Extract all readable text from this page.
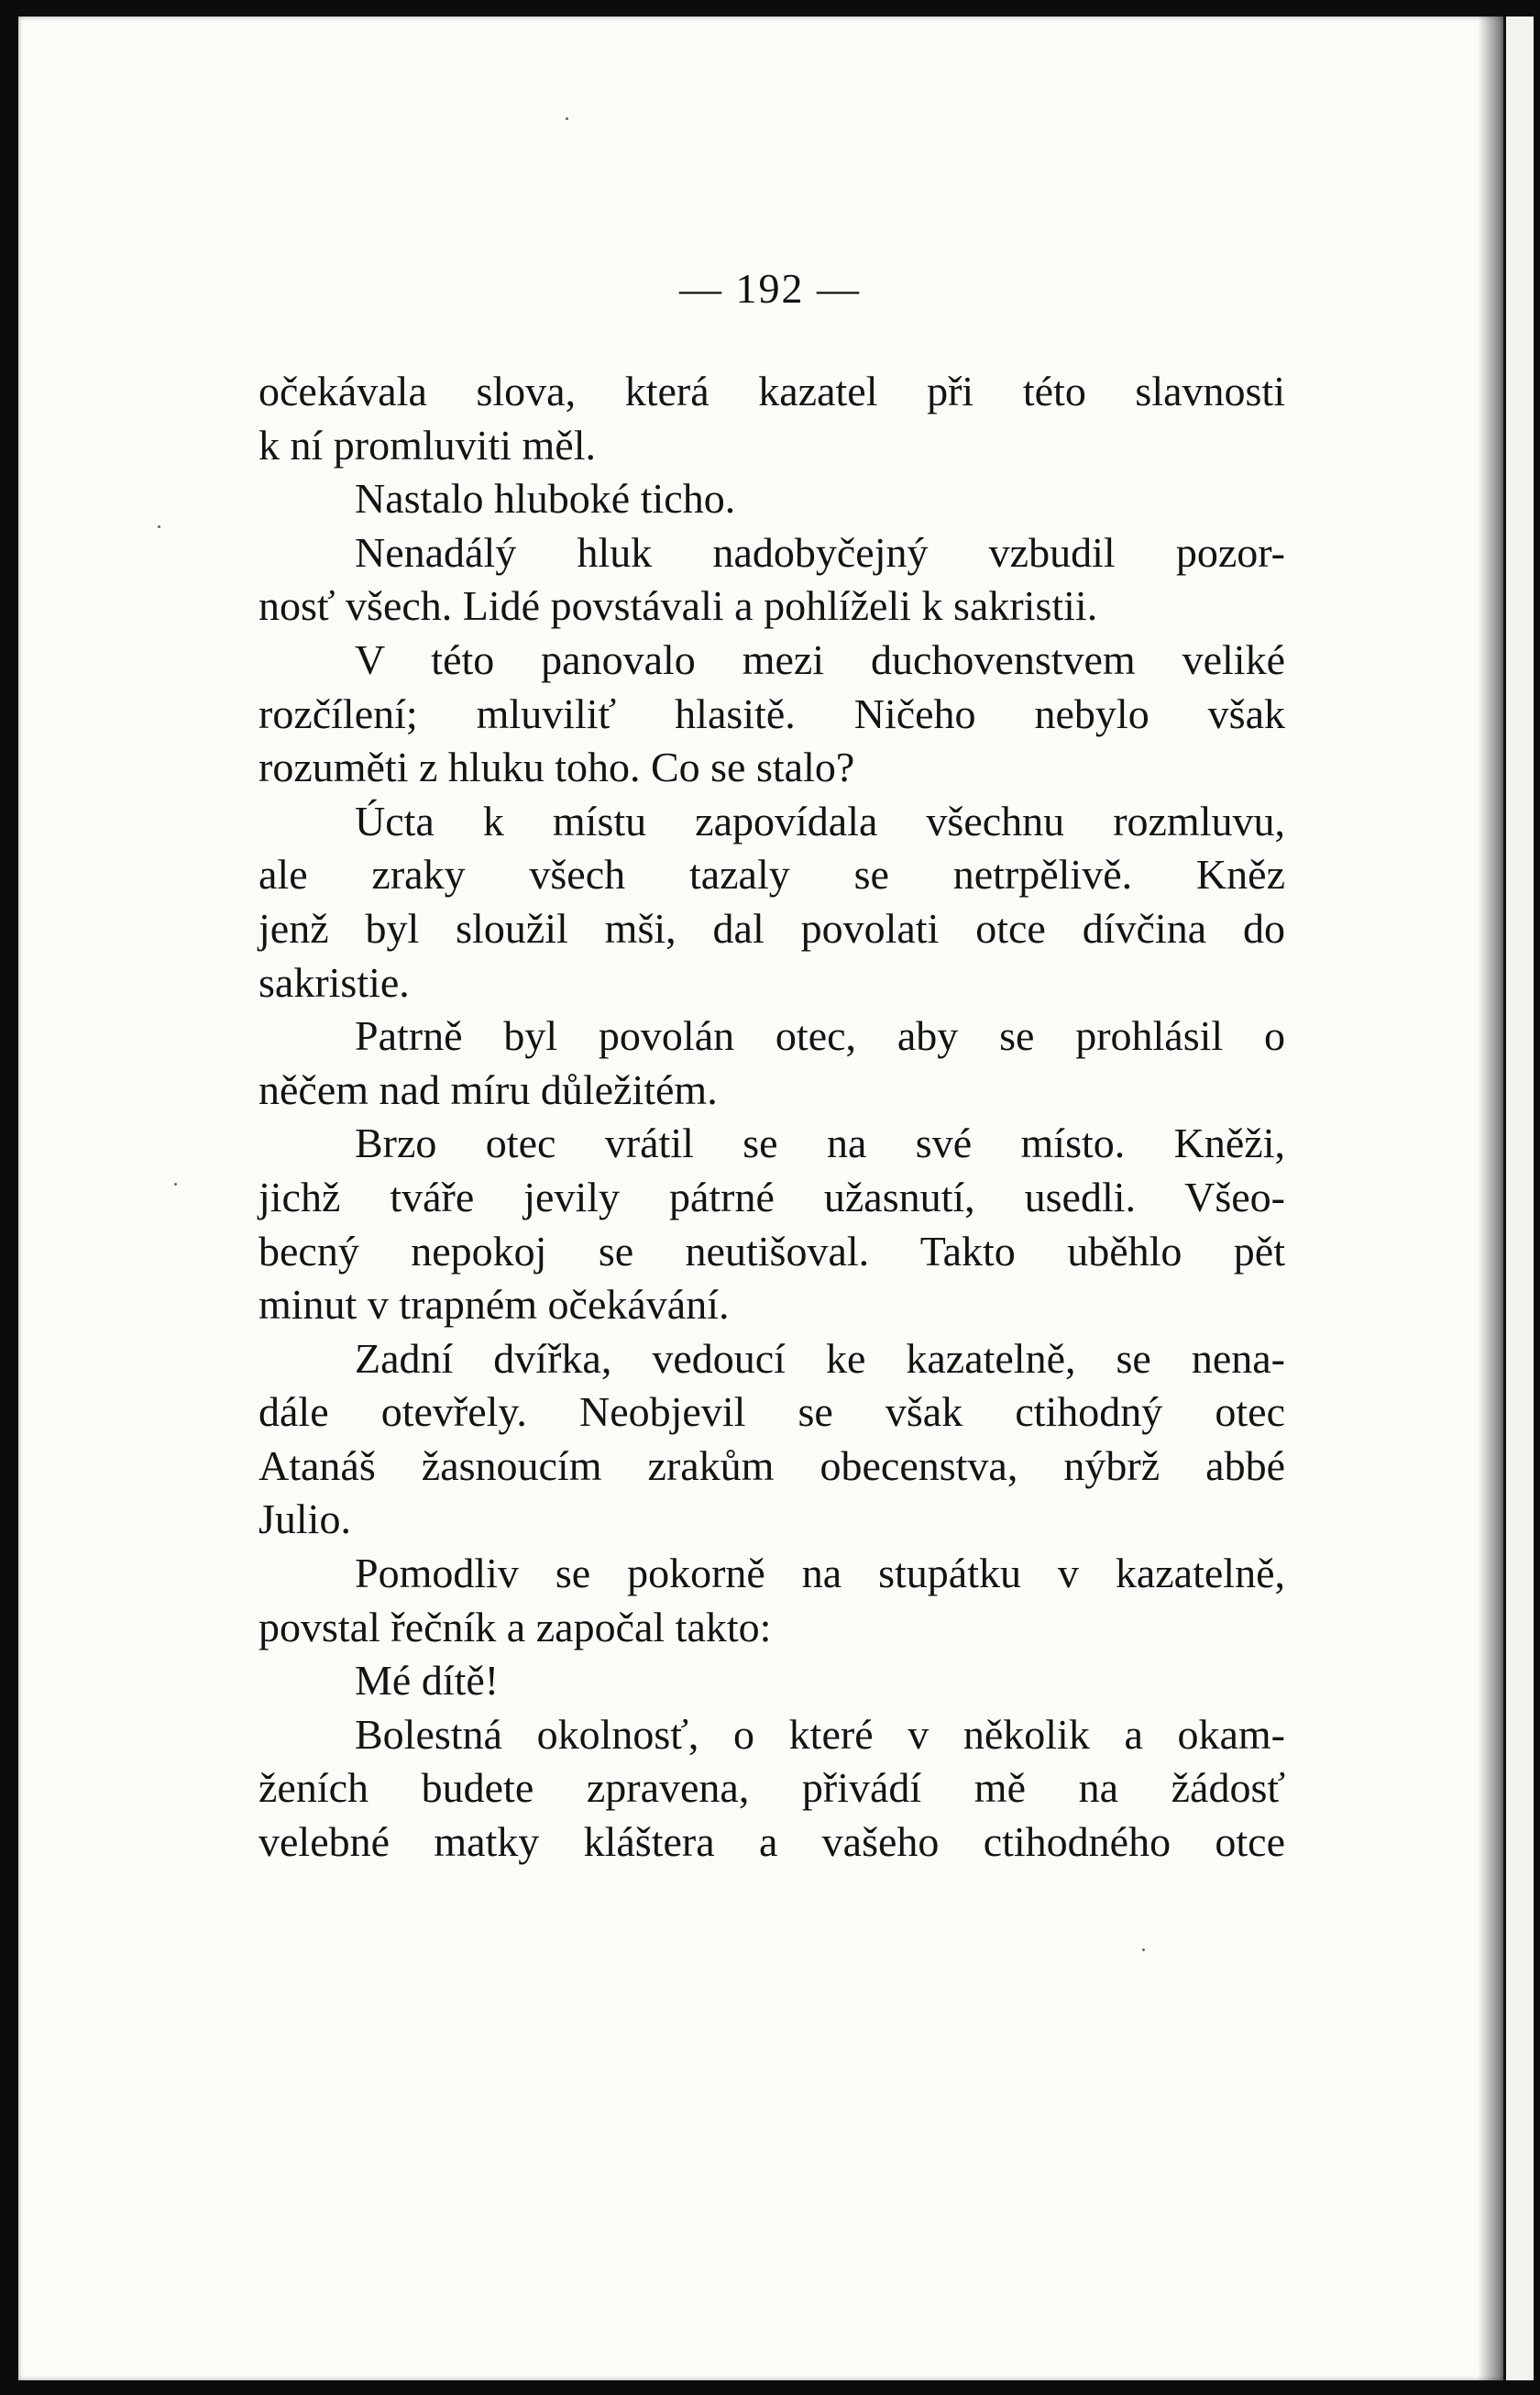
— 192 —

očekávala slova, která kazatel při této slavnosti
k ní promluviti měl.
Nastalo hluboké ticho.
Nenadálý hluk nadobyčejný vzbudil pozor-
nosť všech. Lidé povstávali a pohlíželi k sakristii.
V této panovalo mezi duchovenstvem veliké
rozčílení; mluviliť hlasitě. Ničeho nebylo však
rozuměti z hluku toho. Co se stalo?
Úcta k místu zapovídala všechnu rozmluvu,
ale zraky všech tazaly se netrpělivě. Kněz
jenž byl sloužil mši, dal povolati otce dívčina do
sakristie.
Patrně byl povolán otec, aby se prohlásil o
něčem nad míru důležitém.
Brzo otec vrátil se na své místo. Kněži,
jichž tváře jevily pátrné užasnutí, usedli. Všeo-
becný nepokoj se neutišoval. Takto uběhlo pět
minut v trapném očekávání.
Zadní dvířka, vedoucí ke kazatelně, se nena-
dále otevřely. Neobjevil se však ctihodný otec
Atanáš žasnoucím zrakům obecenstva, nýbrž abbé
Julio.
Pomodliv se pokorně na stupátku v kazatelně,
povstal řečník a započal takto:
Mé dítě!
Bolestná okolnosť, o které v několik a okam-
ženích budete zpravena, přivádí mě na žádosť
velebné matky kláštera a vašeho ctihodného otce
